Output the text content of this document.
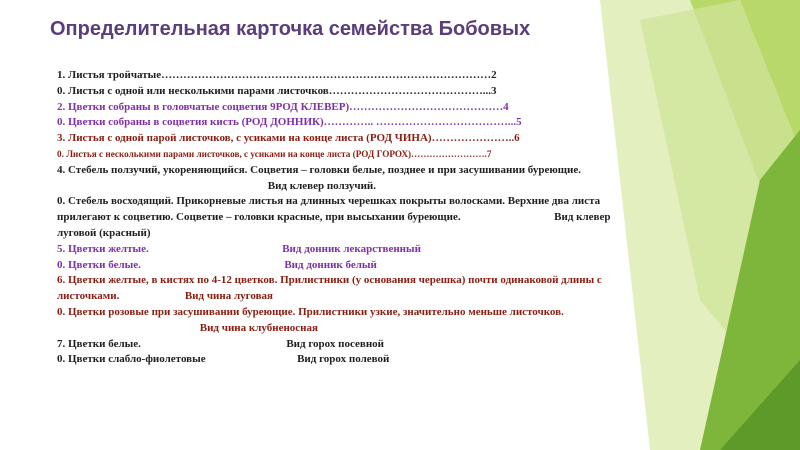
Определительная карточка семейства Бобовых
1. Листья тройчатые………………………………………………………………………………2
0. Листья с одной или несколькими парами листочков……………………………………...3
2. Цветки собраны в головчатые соцветия 9РОД КЛЕВЕР)……………………………………4
0. Цветки собраны в соцветия кисть (РОД ДОННИК)………….. ………………………………...5
3. Листья с одной парой листочков, с усиками на конце листа (РОД ЧИНА)…………………..6
0. Листья с несколькими парами листочков, с усиками на конце листа (РОД ГОРОХ)…………………….7
4. Стебель ползучий, укореняющийся. Соцветия – головки белые, позднее и при засушивании буреющие.  Вид клевер ползучий.
0. Стебель восходящий. Прикорневые листья на длинных черешках покрыты волосками. Верхние два листа прилегают к соцветию. Соцветие – головки красные, при высыхании буреющие.	Вид клевер луговой (красный)
5. Цветки желтые.	Вид донник лекарственный
0. Цветки белые.	Вид донник белый
6. Цветки желтые, в кистях по 4-12 цветков. Прилистники (у основания черешка) почти одинаковой длины с листочками.	Вид чина луговая
0. Цветки розовые при засушивании буреющие. Прилистники узкие, значительно меньше листочков.  Вид чина клубненосная
7. Цветки белые.	Вид горох посевной
0. Цветки слабло-фиолетовые	Вид горох полевой
